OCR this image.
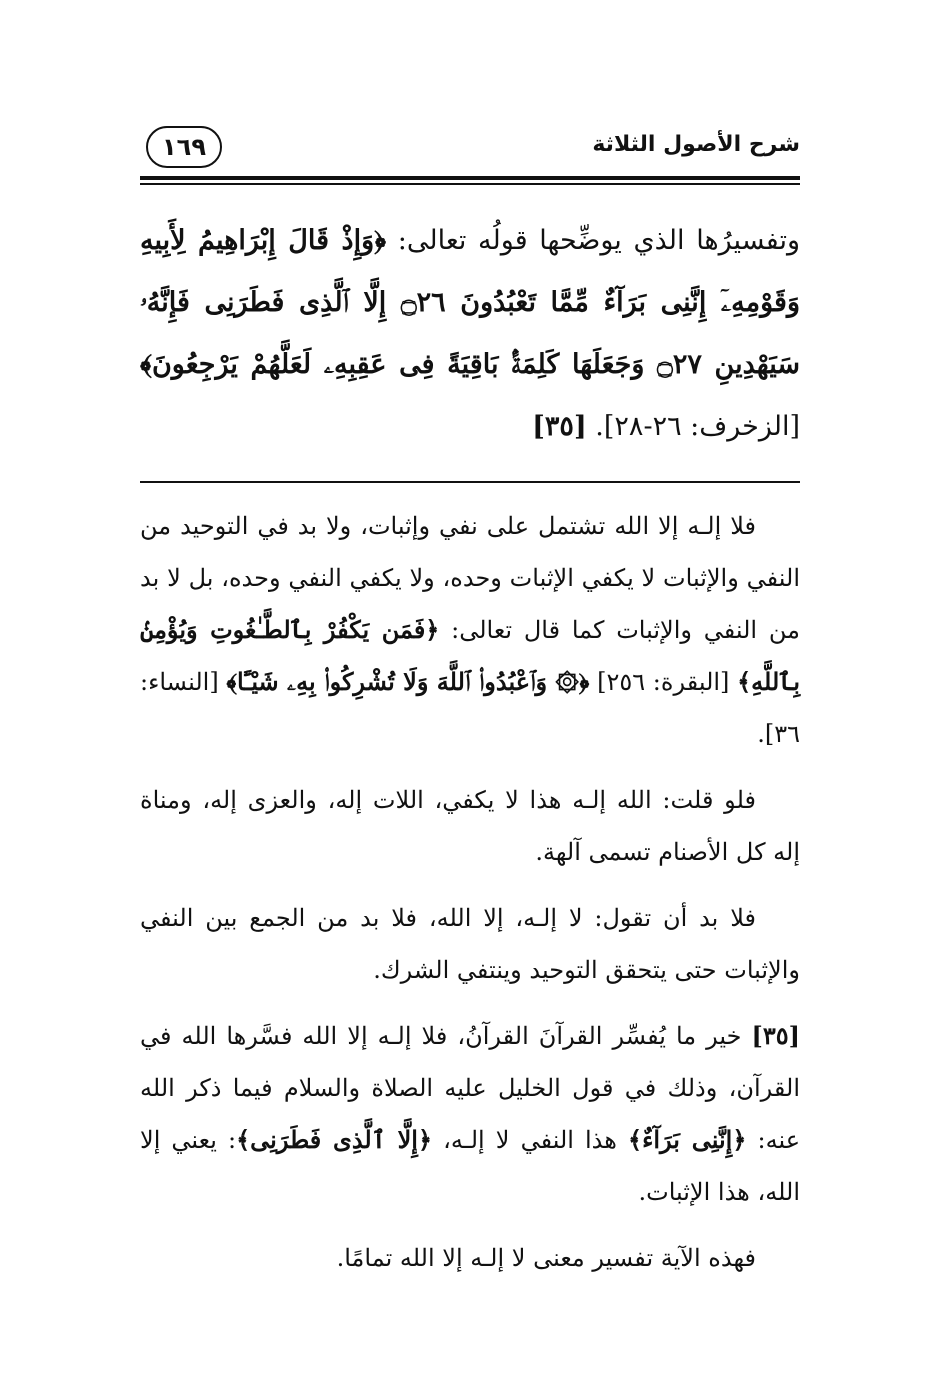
شرح الأصول الثلاثة
١٦٩
وتفسيرُها الذي يوضِّحها قولُه تعالى: ﴿وَإِذْ قَالَ إِبْرَاهِيمُ لِأَبِيهِ وَقَوْمِهِۦٓ إِنَّنِى بَرَآءٌ مِّمَّا تَعْبُدُونَ ۝٢٦ إِلَّا ٱلَّذِى فَطَرَنِى فَإِنَّهُۥ سَيَهْدِينِ ۝٢٧ وَجَعَلَهَا كَلِمَةًۢ بَاقِيَةً فِى عَقِبِهِۦ لَعَلَّهُمْ يَرْجِعُونَ﴾ [الزخرف: ٢٦-٢٨]. [٣٥]

فلا إلـه إلا الله تشتمل على نفي وإثبات، ولا بد في التوحيد من النفي والإثبات لا يكفي الإثبات وحده، ولا يكفي النفي وحده، بل لا بد من النفي والإثبات كما قال تعالى: ﴿فَمَن يَكْفُرْ بِٱلطَّـٰغُوتِ وَيُؤْمِنۢ بِٱللَّهِ﴾ [البقرة: ٢٥٦] ﴿۞ وَٱعْبُدُوا۟ ٱللَّهَ وَلَا تُشْرِكُوا۟ بِهِۦ شَيْـًٔا﴾ [النساء: ٣٦].

فلو قلت: الله إلـه هذا لا يكفي، اللات إله، والعزى إله، ومناة إله كل الأصنام تسمى آلهة.

فلا بد أن تقول: لا إلـه، إلا الله، فلا بد من الجمع بين النفي والإثبات حتى يتحقق التوحيد وينتفي الشرك.

[٣٥] خير ما يُفسِّر القرآنَ القرآنُ، فلا إلـه إلا الله فسَّرها الله في القرآن، وذلك في قول الخليل عليه الصلاة والسلام فيما ذكر الله عنه: ﴿إِنَّنِى بَرَآءٌ﴾ هذا النفي لا إلـه، ﴿إِلَّا ٱلَّذِى فَطَرَنِى﴾: يعني إلا الله، هذا الإثبات.

فهذه الآية تفسير معنى لا إلـه إلا الله تمامًا.
